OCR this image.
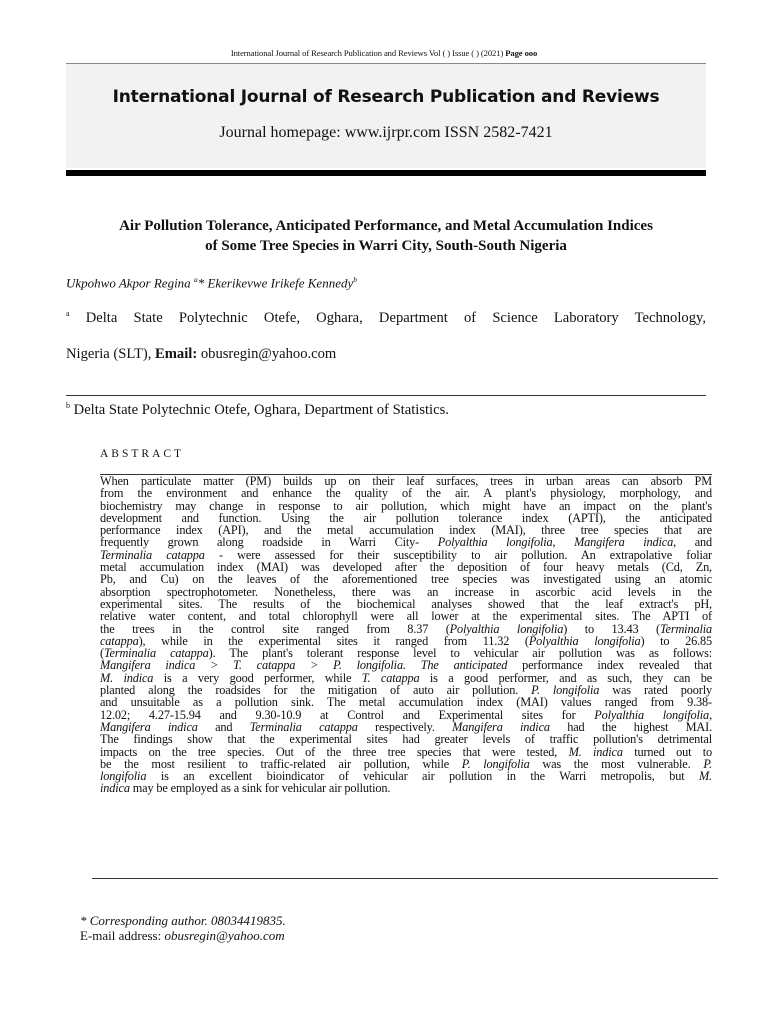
International Journal of Research Publication and Reviews Vol ( ) Issue ( ) (2021) Page ooo
International Journal of Research Publication and Reviews
Journal homepage: www.ijrpr.com ISSN 2582-7421
Air Pollution Tolerance, Anticipated Performance, and Metal Accumulation Indices
of Some Tree Species in Warri City, South-South Nigeria
Ukpohwo Akpor Regina $^a$* Ekerikevwe Irikefe Kennedy$^b$
$^a$ Delta State Polytechnic Otefe, Oghara, Department of Science Laboratory Technology,
Nigeria (SLT), Email: obusregin@yahoo.com
$^b$ Delta State Polytechnic Otefe, Oghara, Department of Statistics.
ABSTRACT
When particulate matter (PM) builds up on their leaf surfaces, trees in urban areas can absorb PM
from the environment and enhance the quality of the air. A plant's physiology, morphology, and
biochemistry may change in response to air pollution, which might have an impact on the plant's
development and function. Using the air pollution tolerance index (APTI), the anticipated
performance index (API), and the metal accumulation index (MAI), three tree species that are
frequently grown along roadside in Warri City- Polyalthia longifolia, Mangifera indica, and
Terminalia catappa - were assessed for their susceptibility to air pollution. An extrapolative foliar
metal accumulation index (MAI) was developed after the deposition of four heavy metals (Cd, Zn,
Pb, and Cu) on the leaves of the aforementioned tree species was investigated using an atomic
absorption spectrophotometer. Nonetheless, there was an increase in ascorbic acid levels in the
experimental sites. The results of the biochemical analyses showed that the leaf extract's pH,
relative water content, and total chlorophyll were all lower at the experimental sites. The APTI of
the trees in the control site ranged from 8.37 (Polyalthia longifolia) to 13.43 (Terminalia
catappa), while in the experimental sites it ranged from 11.32 (Polyalthia longifolia) to 26.85
(Terminalia catappa). The plant's tolerant response level to vehicular air pollution was as follows:
Mangifera indica > T. catappa > P. longifolia. The anticipated performance index revealed that
M. indica is a very good performer, while T. catappa is a good performer, and as such, they can be
planted along the roadsides for the mitigation of auto air pollution. P. longifolia was rated poorly
and unsuitable as a pollution sink. The metal accumulation index (MAI) values ranged from 9.38-
12.02; 4.27-15.94 and 9.30-10.9 at Control and Experimental sites for Polyalthia longifolia,
Mangifera indica and Terminalia catappa respectively. Mangifera indica had the highest MAI.
The findings show that the experimental sites had greater levels of traffic pollution's detrimental
impacts on the tree species. Out of the three tree species that were tested, M. indica turned out to
be the most resilient to traffic-related air pollution, while P. longifolia was the most vulnerable. P.
longifolia is an excellent bioindicator of vehicular air pollution in the Warri metropolis, but M.
indica may be employed as a sink for vehicular air pollution.
* Corresponding author. 08034419835.
E-mail address: obusregin@yahoo.com
